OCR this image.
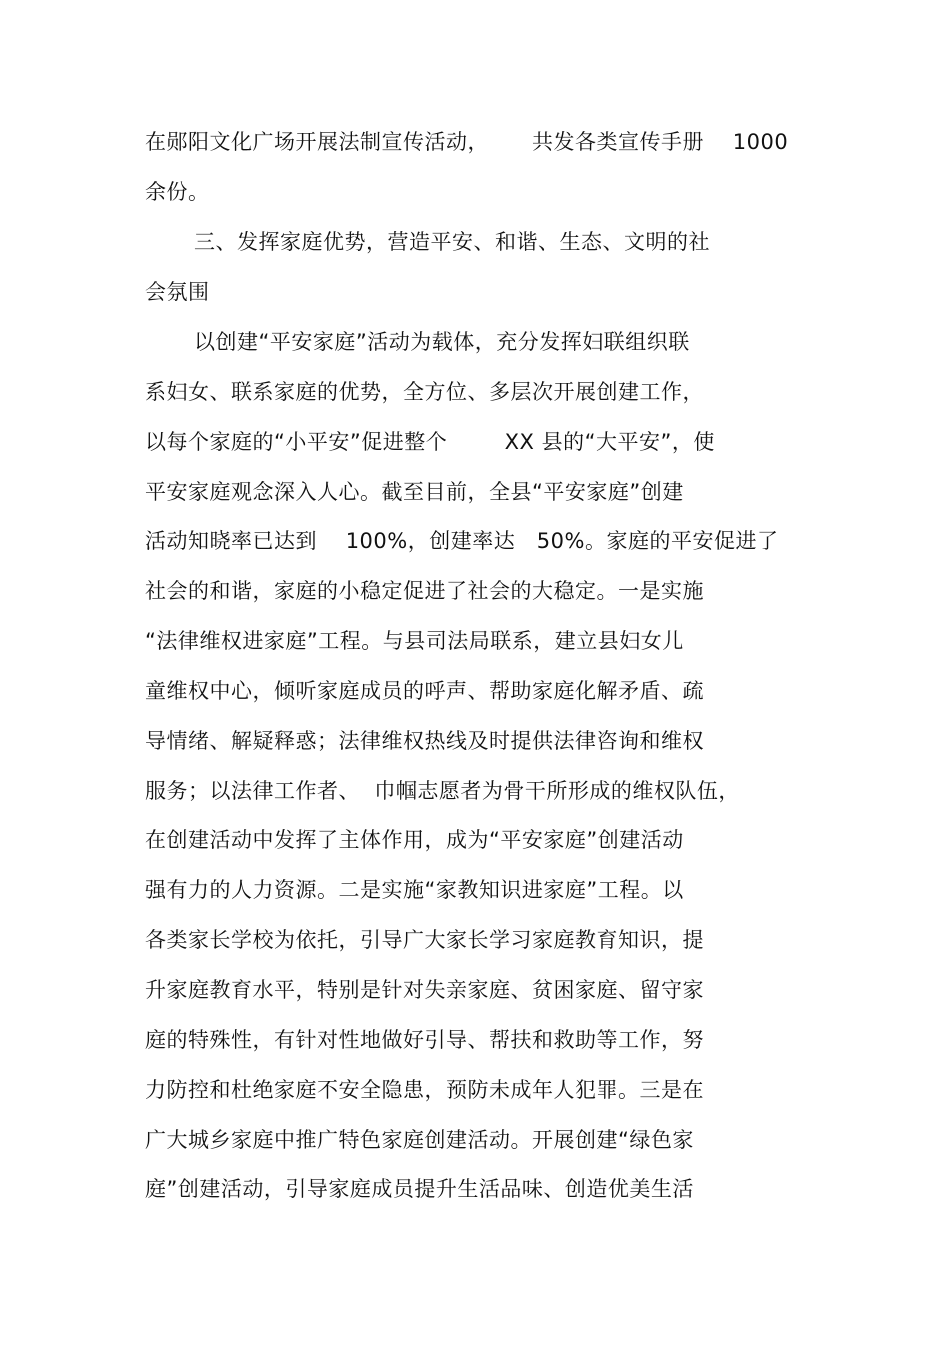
在郧阳文化广场开展法制宣传活动，      共发各类宣传手册    1000
余份。
三、发挥家庭优势，营造平安、和谐、生态、文明的社
会氛围
以创建“平安家庭”活动为载体，充分发挥妇联组织联
系妇女、联系家庭的优势，全方位、多层次开展创建工作，
以每个家庭的“小平安”促进整个        XX 县的“大平安”，使
平安家庭观念深入人心。截至目前，全县“平安家庭”创建
活动知晓率已达到    100%，创建率达   50%。家庭的平安促进了
社会的和谐，家庭的小稳定促进了社会的大稳定。一是实施
“法律维权进家庭”工程。与县司法局联系，建立县妇女儿
童维权中心，倾听家庭成员的呼声、帮助家庭化解矛盾、疏
导情绪、解疑释惑；法律维权热线及时提供法律咨询和维权
服务；以法律工作者、  巾帼志愿者为骨干所形成的维权队伍，
在创建活动中发挥了主体作用，成为“平安家庭”创建活动
强有力的人力资源。二是实施“家教知识进家庭”工程。以
各类家长学校为依托，引导广大家长学习家庭教育知识，提
升家庭教育水平，特别是针对失亲家庭、贫困家庭、留守家
庭的特殊性，有针对性地做好引导、帮扶和救助等工作，努
力防控和杜绝家庭不安全隐患，预防未成年人犯罪。三是在
广大城乡家庭中推广特色家庭创建活动。开展创建“绿色家
庭”创建活动，引导家庭成员提升生活品味、创造优美生活
